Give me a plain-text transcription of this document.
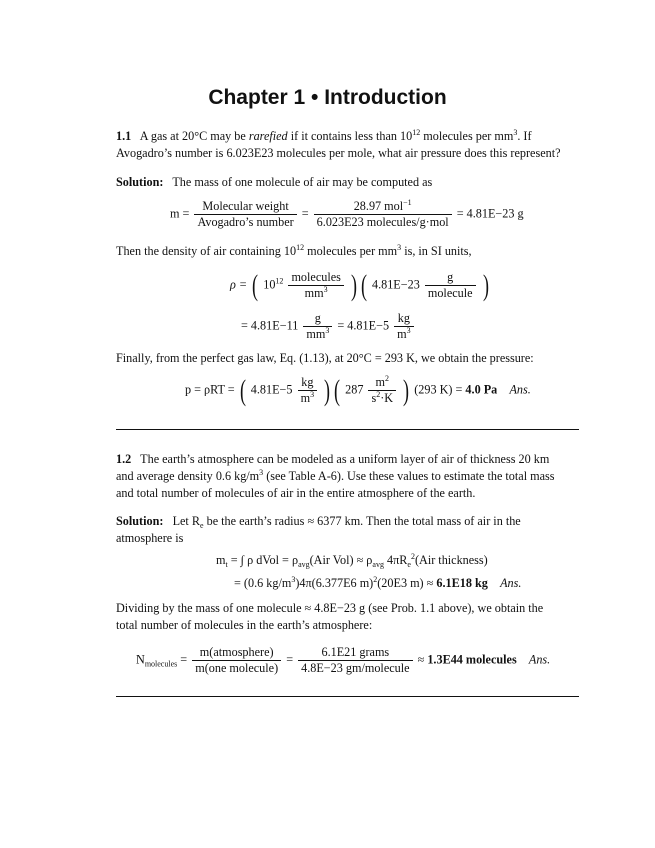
Chapter 1 • Introduction
1.1 A gas at 20°C may be rarefied if it contains less than $10^{12}$ molecules per $mm^3$. If
Avogadro’s number is 6.023E23 molecules per mole, what air pressure does this represent?
Solution: The mass of one molecule of air may be computed as
$m = \frac{\text{Molecular weight}}{\text{Avogadro’s number}} = \frac{28.97 mol^{-1}}{\text{6.023E23 molecules/g·mol}} = 4.81E-23$ g
Then the density of air containing $10^{12}$ molecules per $mm^3$ is, in SI units,
ρ = ( $10^{12} \frac{\text{molecules}}{mm^3}$ ) ( $4.81E-23 \frac{g}{\text{molecule}}$ )
= $4.81E-11 \frac{g}{mm^3} = 4.81E-5 \frac{kg}{m^3}$
Finally, from the perfect gas law, Eq. (1.13), at 20°C = 293 K, we obtain the pressure:
p = ρRT = ( $4.81E-5 \frac{kg}{m^3}$ ) ( $287 \frac{m^2}{s^2\cdot K}$ ) (293 K) = 4.0 Pa Ans.
1.2 The earth’s atmosphere can be modeled as a uniform layer of air of thickness 20 km
and average density 0.6 $kg/m^3$ (see Table A-6). Use these values to estimate the total mass
and total number of molecules of air in the entire atmosphere of the earth.
Solution: Let $R_e$ be the earth’s radius ≈ 6377 km. Then the total mass of air in the
atmosphere is
$m_t$ = ∫ ρ dVol = $\rho_{avg}(Air$ $Vol) \approx \rho_{avg}$ $4\pi R_e^2(Air$ thickness)
= (0.6 $kg/m^3)4\pi(6.377E6$ m)$^2$(20E3 m) ≈ 6.1E18 kg Ans.
Dividing by the mass of one molecule ≈ 4.8E−23 g (see Prob. 1.1 above), we obtain the
total number of molecules in the earth’s atmosphere:
$N_{molecules} = \frac{\text{m(atmosphere)}}{\text{m(one molecule)}} = \frac{\text{6.1E21 grams}}{\text{4.8E−23 gm/molecule}} \approx 1.3E44$ molecules Ans.
